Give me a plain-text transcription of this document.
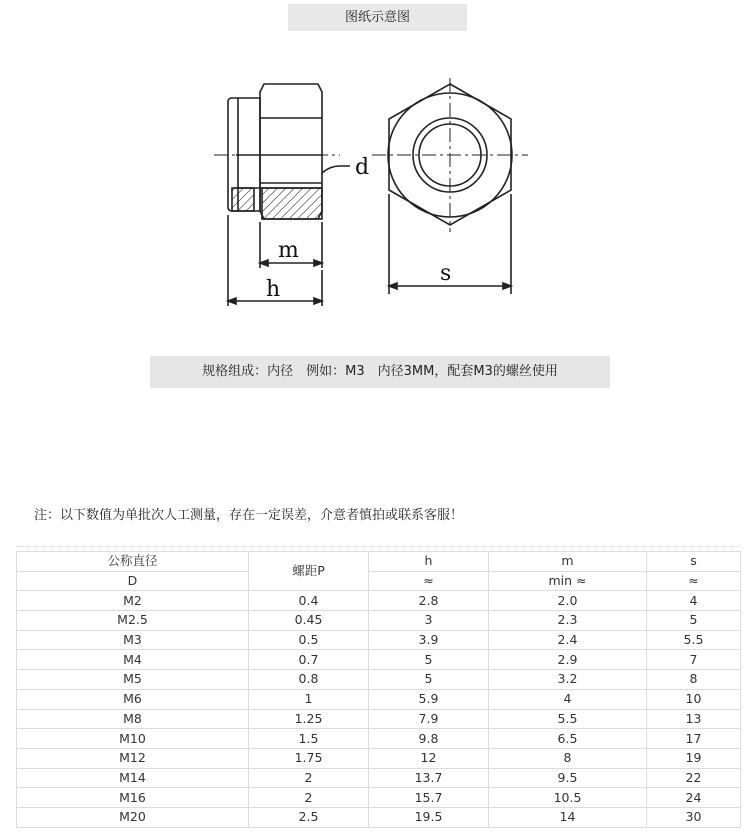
图纸示意图
d
m
h
s
规格组成：内径　例如：M3　内径3MM，配套M3的螺丝使用
注：以下数值为单批次人工测量，存在一定误差，介意者慎拍或联系客服！
公称直径	螺距P	h	m	s
D		≈	min ≈	≈
M2	0.4	2.8	2.0	4
M2.5	0.45	3	2.3	5
M3	0.5	3.9	2.4	5.5
M4	0.7	5	2.9	7
M5	0.8	5	3.2	8
M6	1	5.9	4	10
M8	1.25	7.9	5.5	13
M10	1.5	9.8	6.5	17
M12	1.75	12	8	19
M14	2	13.7	9.5	22
M16	2	15.7	10.5	24
M20	2.5	19.5	14	30
